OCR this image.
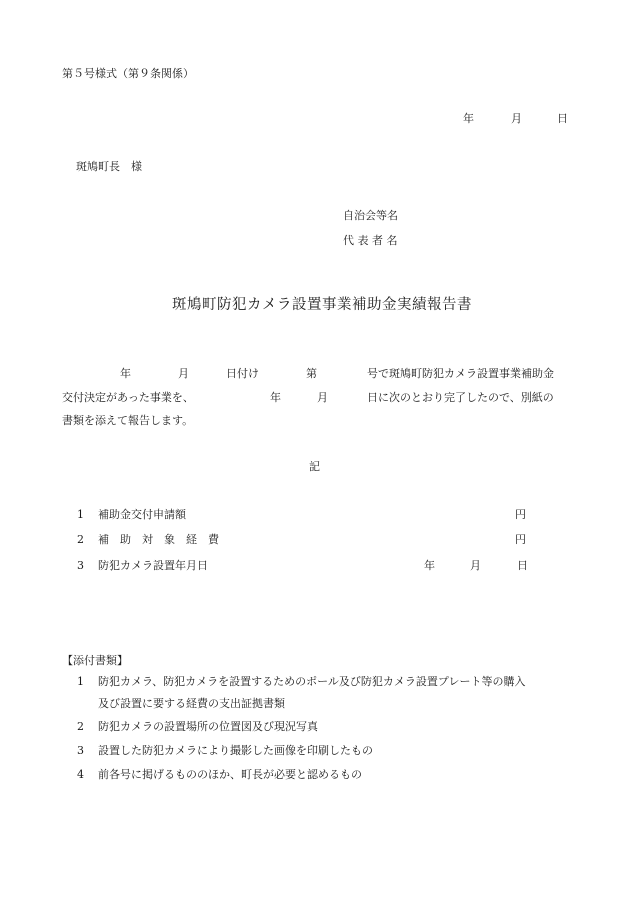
第５号様式（第９条関係）
年	月	日
斑鳩町長　様
自治会等名
代 表 者 名
斑鳩町防犯カメラ設置事業補助金実績報告書
年	月	日付け	第	号で斑鳩町防犯カメラ設置事業補助金
交付決定があった事業を、	年	月	日に次のとおり完了したので、別紙の
書類を添えて報告します。
記
1 補助金交付申請額	円
2 補　助　対　象　経　費	円
3 防犯カメラ設置年月日	年	月	日
【添付書類】
1 防犯カメラ、防犯カメラを設置するためのポール及び防犯カメラ設置プレート等の購入
及び設置に要する経費の支出証拠書類
2 防犯カメラの設置場所の位置図及び現況写真
3 設置した防犯カメラにより撮影した画像を印刷したもの
4 前各号に掲げるもののほか、町長が必要と認めるもの
